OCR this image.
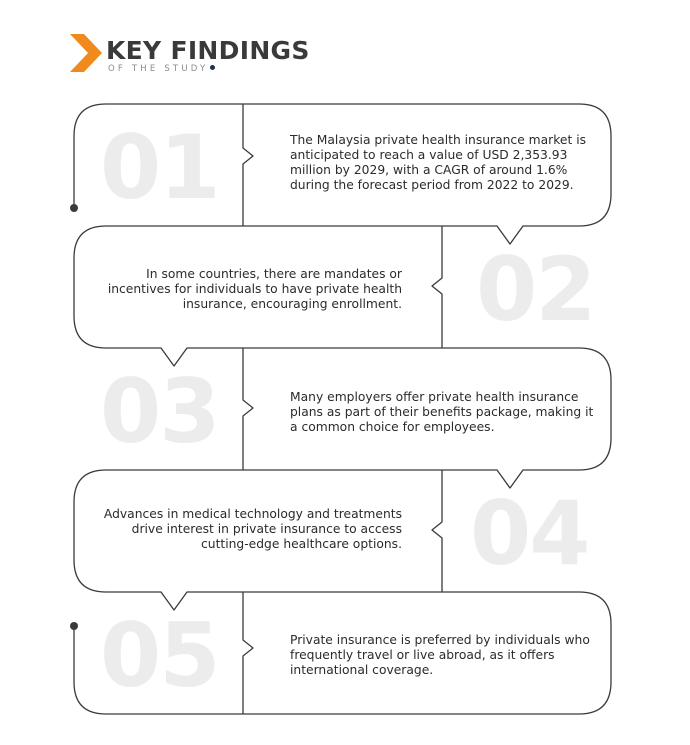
KEY FINDINGS
OF THE STUDY
01	The Malaysia private health insurance market is anticipated to reach a value of USD 2,353.93 million by 2029, with a CAGR of around 1.6% during the forecast period from 2022 to 2029.
02
In some countries, there are mandates or incentives for individuals to have private health insurance, encouraging enrollment.
03	Many employers offer private health insurance plans as part of their benefits package, making it a common choice for employees.
04
Advances in medical technology and treatments drive interest in private insurance to access cutting-edge healthcare options.
05	Private insurance is preferred by individuals who frequently travel or live abroad, as it offers international coverage.
